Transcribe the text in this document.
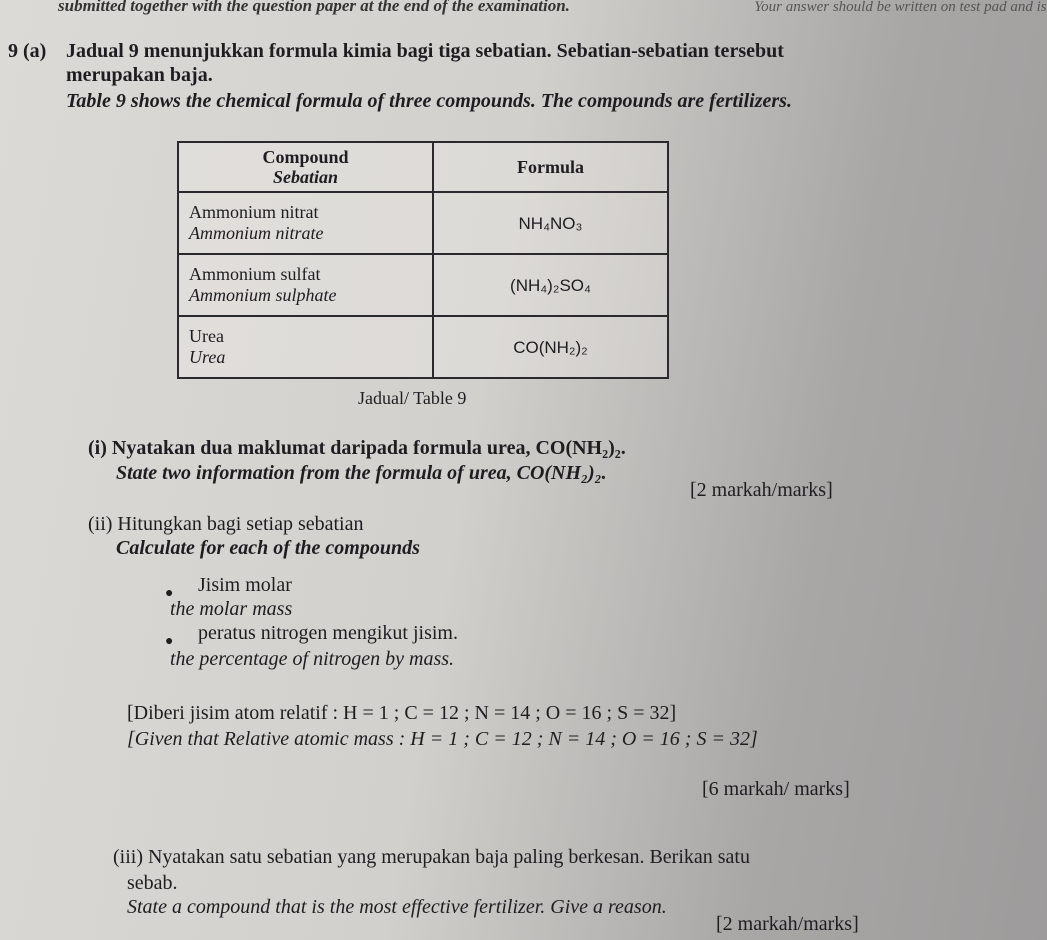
submitted together with the question paper at the end of the examination.	Your answer should be written on test pad and is
9 (a) Jadual 9 menunjukkan formula kimia bagi tiga sebatian. Sebatian-sebatian tersebut
merupakan baja.
Table 9 shows the chemical formula of three compounds. The compounds are fertilizers.
Compound
Sebatian	Formula

Ammonium nitrat
Ammonium nitrate	NH₄NO₃

Ammonium sulfat
Ammonium sulphate	(NH₄)₂SO₄

Urea
Urea	CO(NH₂)₂
Jadual/ Table 9
(i) Nyatakan dua maklumat daripada formula urea, CO(NH₂)₂.
State two information from the formula of urea, CO(NH₂)₂.
[2 markah/marks]
(ii) Hitungkan bagi setiap sebatian
Calculate for each of the compounds
● Jisim molar
the molar mass
● peratus nitrogen mengikut jisim.
the percentage of nitrogen by mass.
[Diberi jisim atom relatif : H = 1 ; C = 12 ; N = 14 ; O = 16 ; S = 32]
[Given that Relative atomic mass : H = 1 ; C = 12 ; N = 14 ; O = 16 ; S = 32]
[6 markah/ marks]
(iii) Nyatakan satu sebatian yang merupakan baja paling berkesan. Berikan satu
sebab.
State a compound that is the most effective fertilizer. Give a reason.
[2 markah/marks]
